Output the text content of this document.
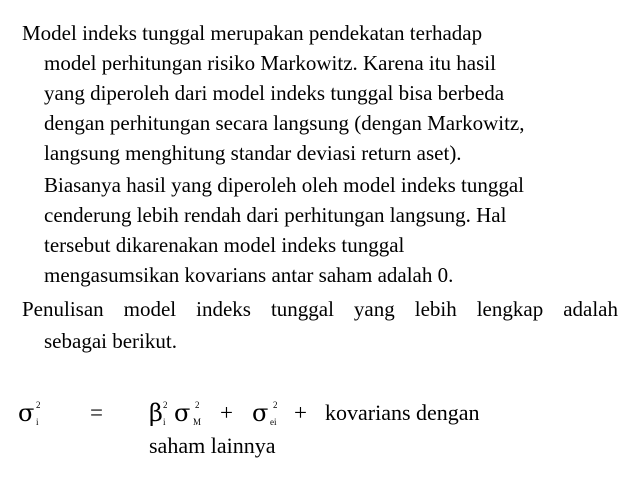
Model indeks tunggal merupakan pendekatan terhadap
model perhitungan risiko Markowitz. Karena itu hasil
yang diperoleh dari model indeks tunggal bisa berbeda
dengan perhitungan secara langsung (dengan Markowitz,
langsung menghitung standar deviasi return aset).
Biasanya hasil yang diperoleh oleh model indeks tunggal
cenderung lebih rendah dari perhitungan langsung. Hal
tersebut dikarenakan model indeks tunggal
mengasumsikan kovarians antar saham adalah 0.
Penulisan model indeks tunggal yang lebih lengkap adalah
sebagai berikut.
σ 2
i = β 2
i σ 2
M + σ 2
ei + kovarians dengan
saham lainnya
